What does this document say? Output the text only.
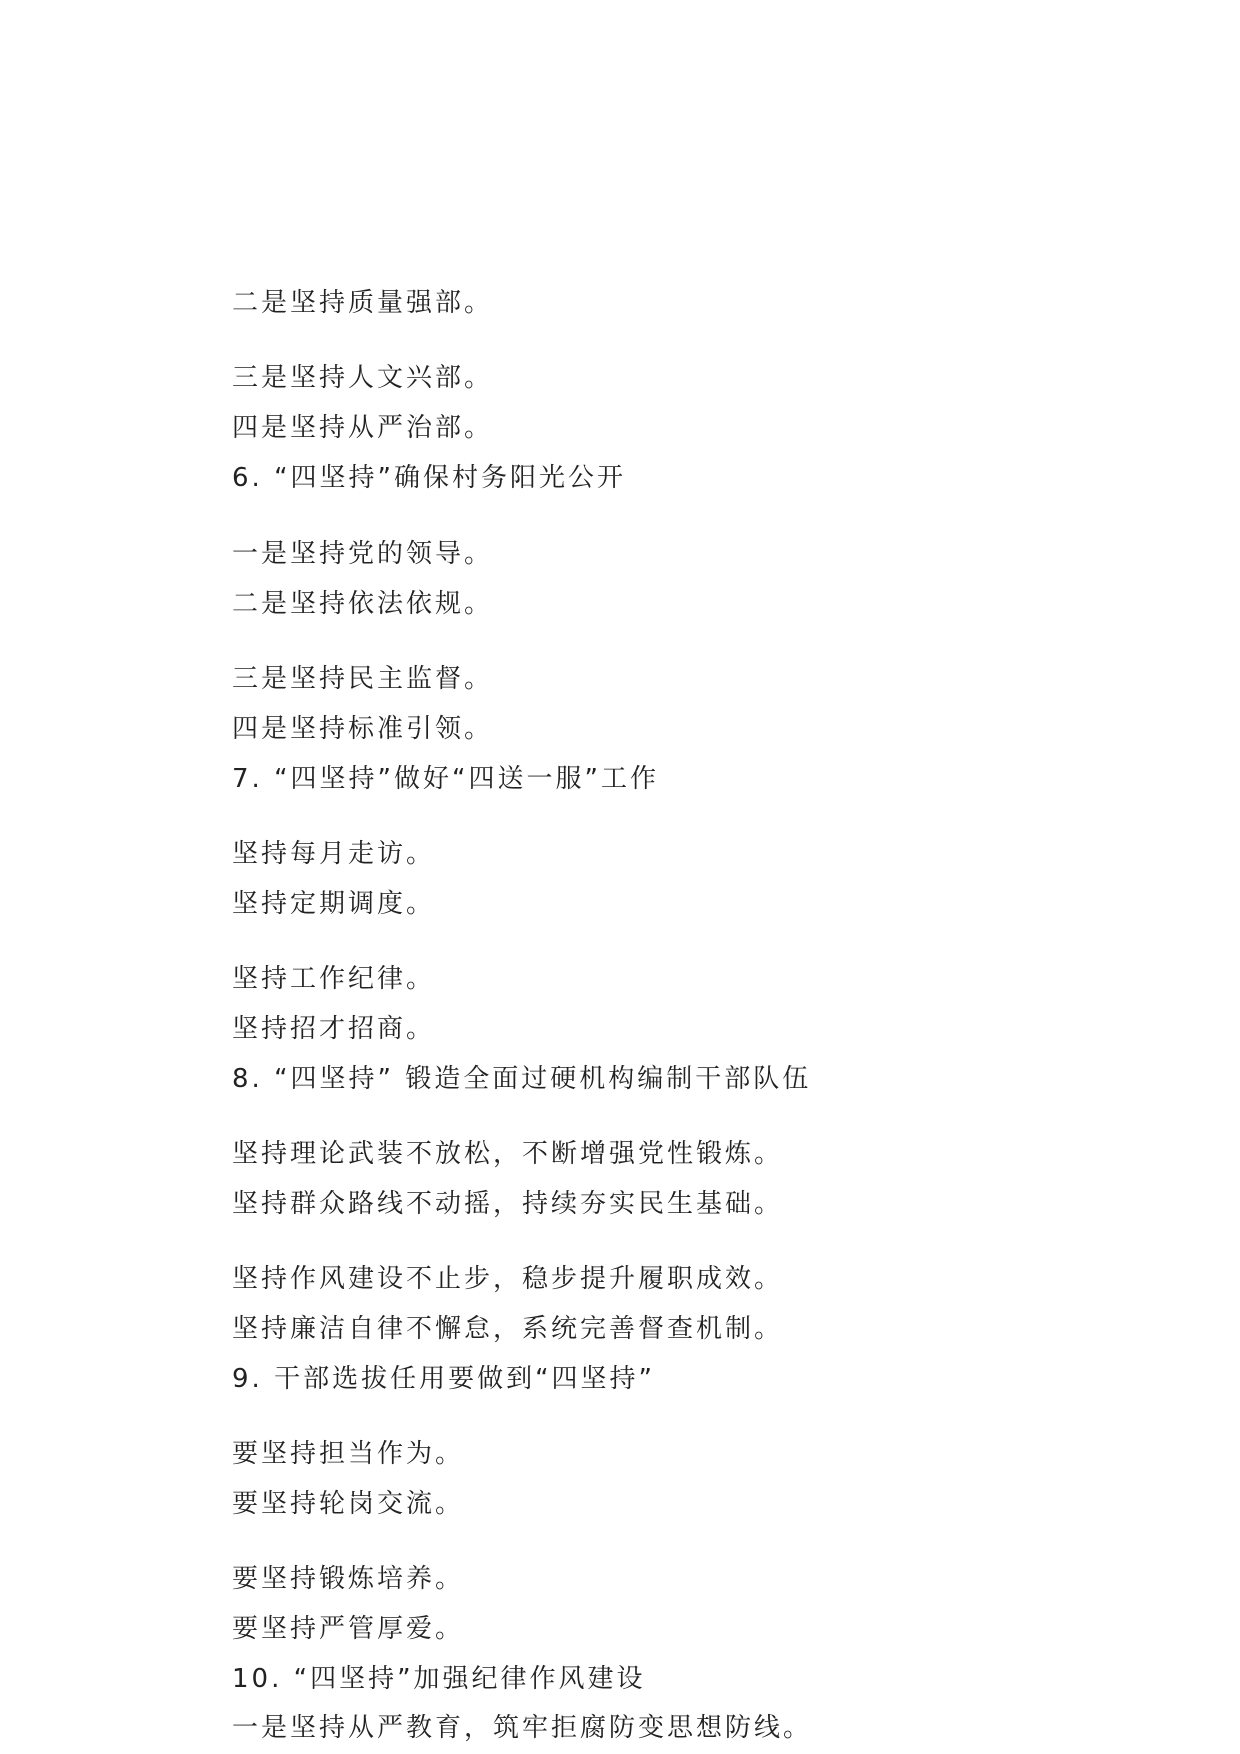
二是坚持质量强部。
三是坚持人文兴部。
四是坚持从严治部。
6. “四坚持”确保村务阳光公开
一是坚持党的领导。
二是坚持依法依规。
三是坚持民主监督。
四是坚持标准引领。
7. “四坚持”做好“四送一服”工作
坚持每月走访。
坚持定期调度。
坚持工作纪律。
坚持招才招商。
8. “四坚持” 锻造全面过硬机构编制干部队伍
坚持理论武装不放松，不断增强党性锻炼。
坚持群众路线不动摇，持续夯实民生基础。
坚持作风建设不止步，稳步提升履职成效。
坚持廉洁自律不懈怠，系统完善督查机制。
9. 干部选拔任用要做到“四坚持”
要坚持担当作为。
要坚持轮岗交流。
要坚持锻炼培养。
要坚持严管厚爱。
10. “四坚持”加强纪律作风建设
一是坚持从严教育，筑牢拒腐防变思想防线。
